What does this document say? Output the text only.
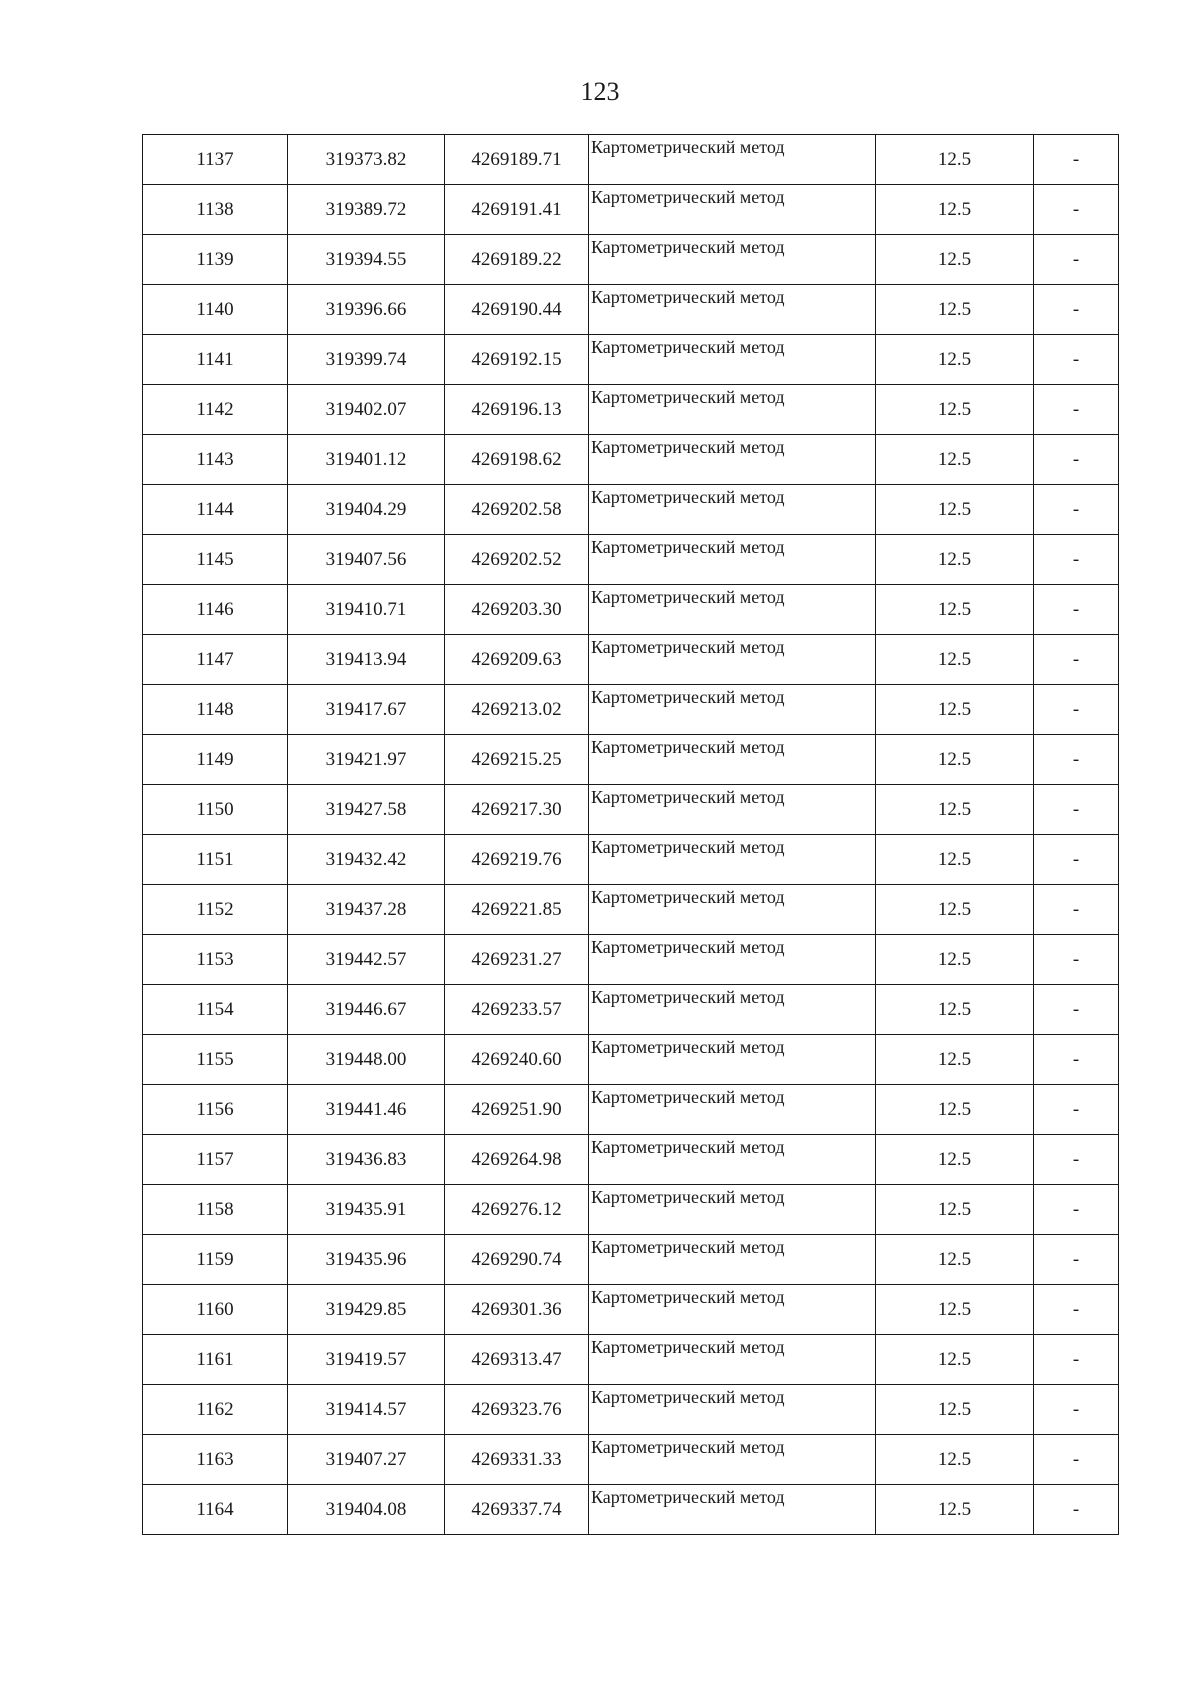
123
1137	319373.82	4269189.71	Картометрический метод	12.5	-
1138	319389.72	4269191.41	Картометрический метод	12.5	-
1139	319394.55	4269189.22	Картометрический метод	12.5	-
1140	319396.66	4269190.44	Картометрический метод	12.5	-
1141	319399.74	4269192.15	Картометрический метод	12.5	-
1142	319402.07	4269196.13	Картометрический метод	12.5	-
1143	319401.12	4269198.62	Картометрический метод	12.5	-
1144	319404.29	4269202.58	Картометрический метод	12.5	-
1145	319407.56	4269202.52	Картометрический метод	12.5	-
1146	319410.71	4269203.30	Картометрический метод	12.5	-
1147	319413.94	4269209.63	Картометрический метод	12.5	-
1148	319417.67	4269213.02	Картометрический метод	12.5	-
1149	319421.97	4269215.25	Картометрический метод	12.5	-
1150	319427.58	4269217.30	Картометрический метод	12.5	-
1151	319432.42	4269219.76	Картометрический метод	12.5	-
1152	319437.28	4269221.85	Картометрический метод	12.5	-
1153	319442.57	4269231.27	Картометрический метод	12.5	-
1154	319446.67	4269233.57	Картометрический метод	12.5	-
1155	319448.00	4269240.60	Картометрический метод	12.5	-
1156	319441.46	4269251.90	Картометрический метод	12.5	-
1157	319436.83	4269264.98	Картометрический метод	12.5	-
1158	319435.91	4269276.12	Картометрический метод	12.5	-
1159	319435.96	4269290.74	Картометрический метод	12.5	-
1160	319429.85	4269301.36	Картометрический метод	12.5	-
1161	319419.57	4269313.47	Картометрический метод	12.5	-
1162	319414.57	4269323.76	Картометрический метод	12.5	-
1163	319407.27	4269331.33	Картометрический метод	12.5	-
1164	319404.08	4269337.74	Картометрический метод	12.5	-
